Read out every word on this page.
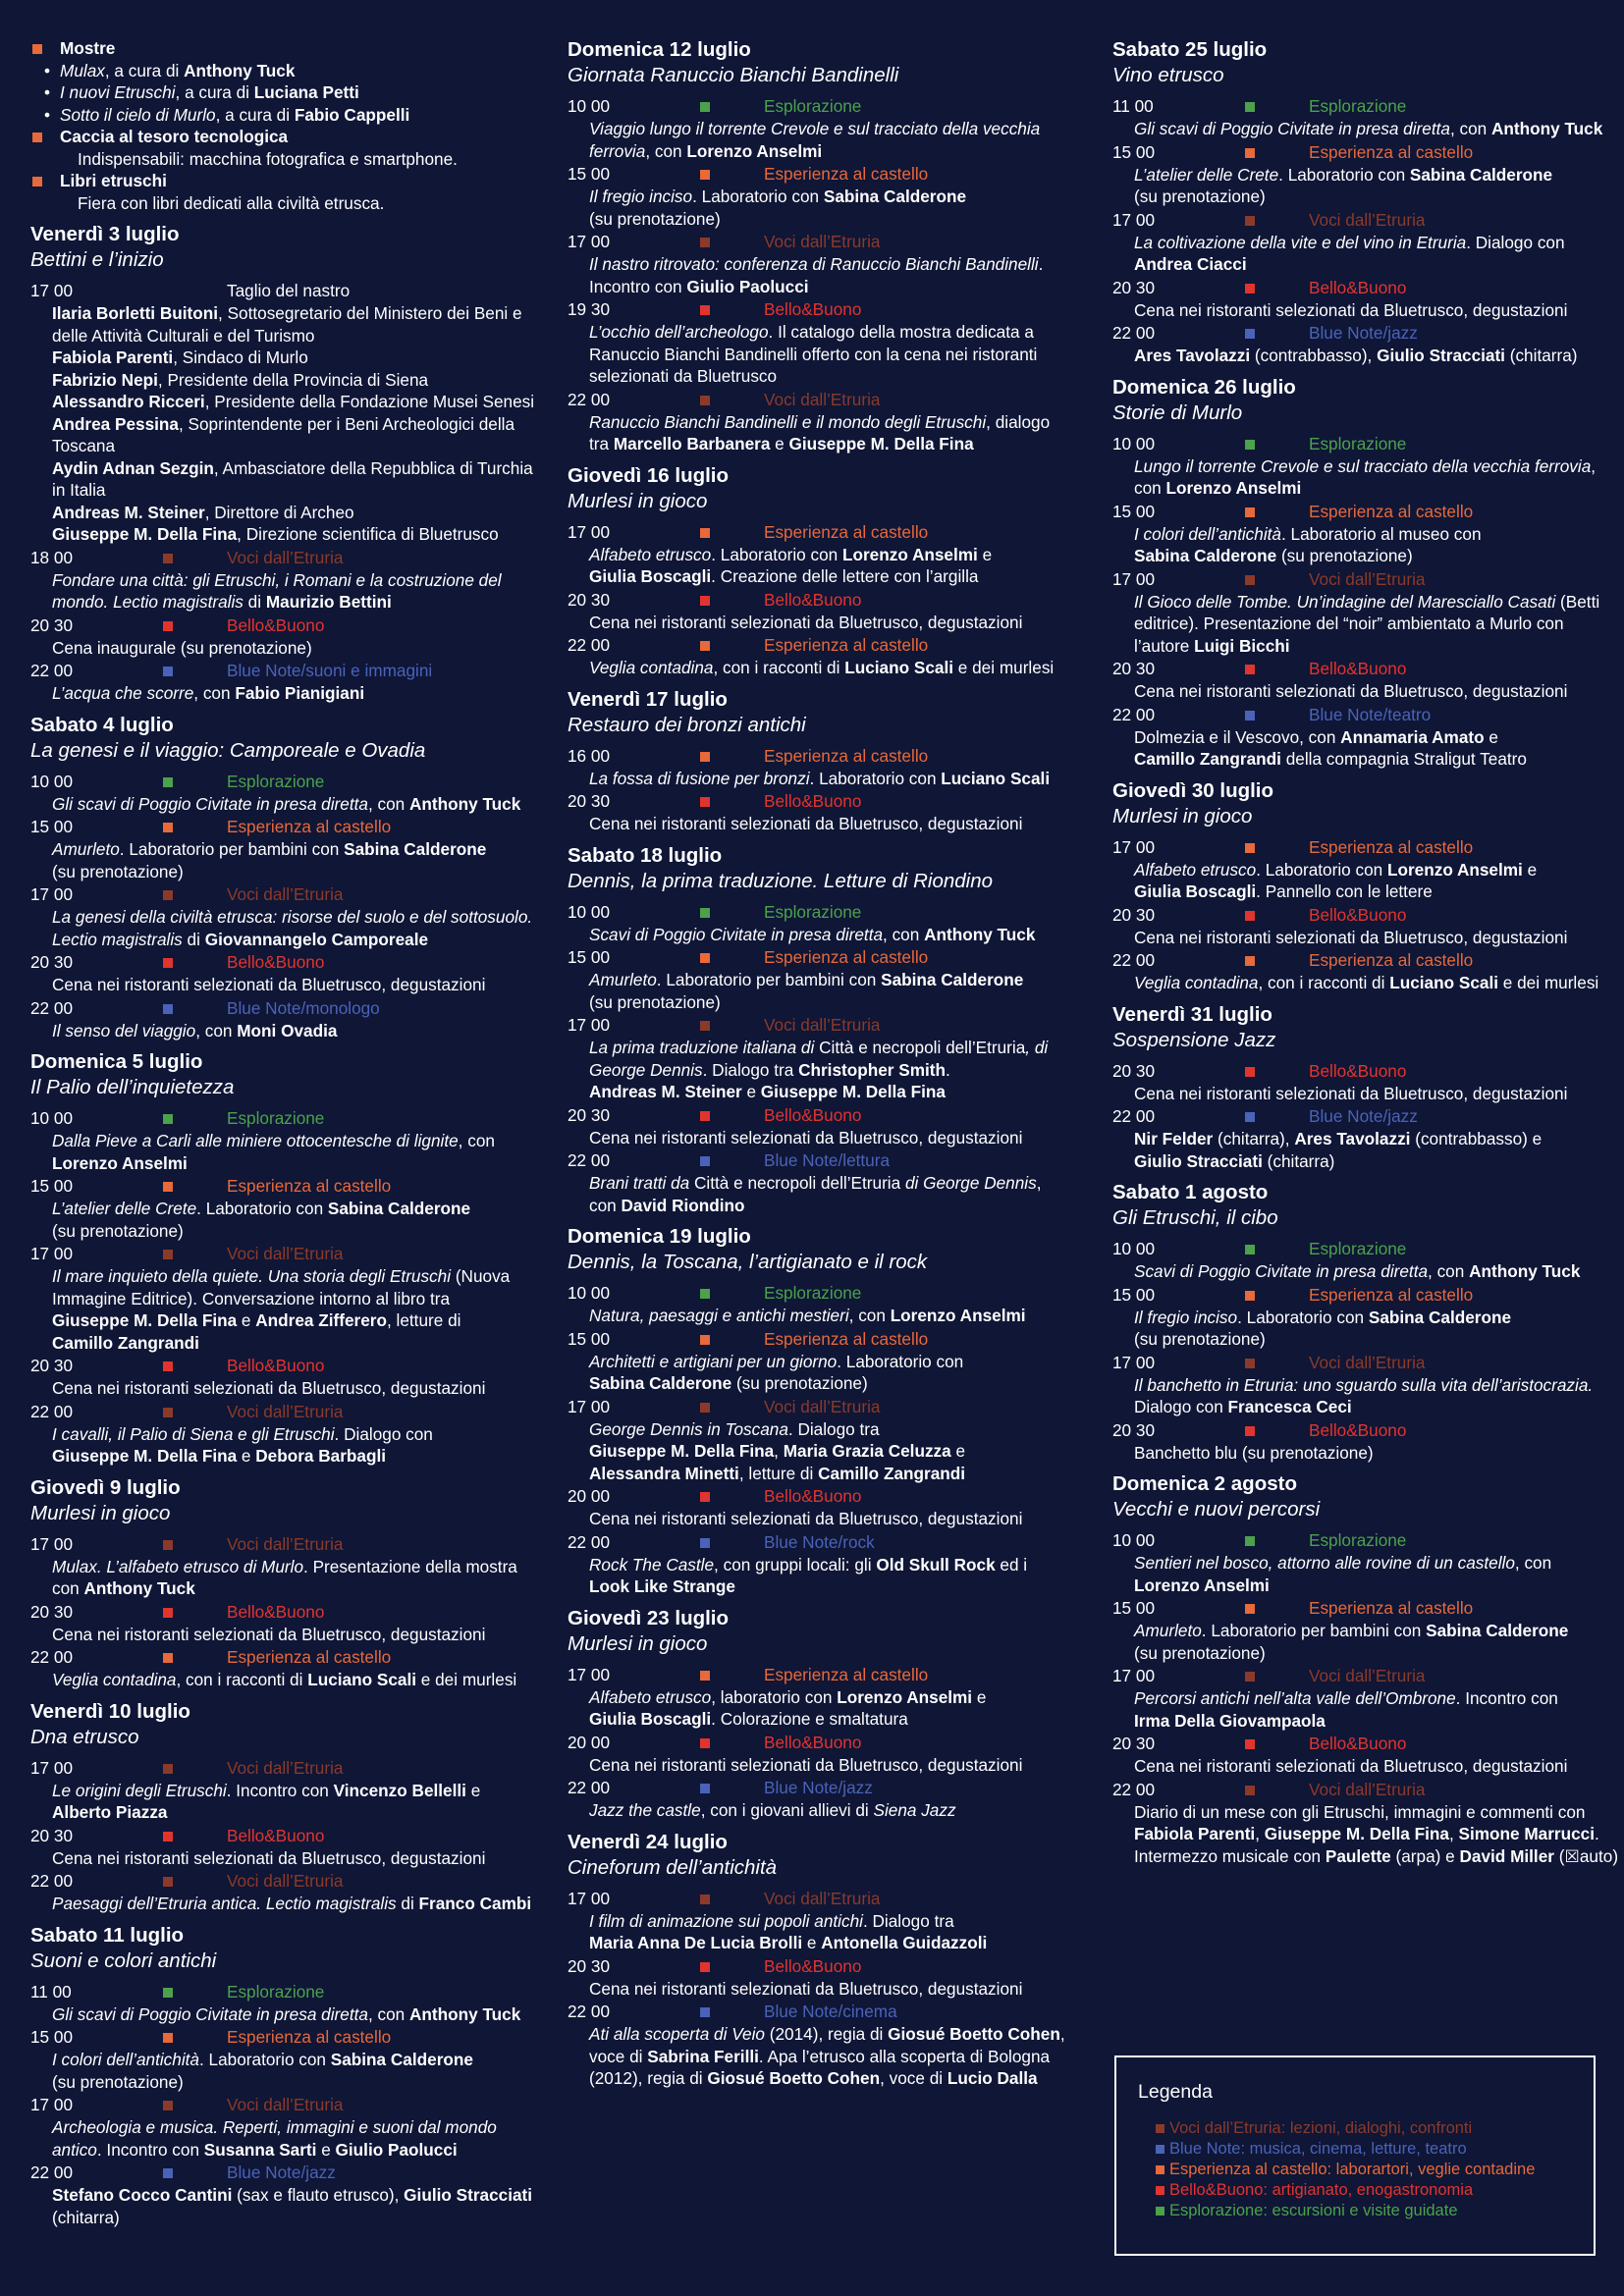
Mostre
• Mulax, a cura di Anthony Tuck
• I nuovi Etruschi, a cura di Luciana Petti
• Sotto il cielo di Murlo, a cura di Fabio Cappelli
Caccia al tesoro tecnologica
Indispensabili: macchina fotografica e smartphone.
Libri etruschi
Fiera con libri dedicati alla civiltà etrusca.
Venerdì 3 luglio
Bettini e l’inizio
17 00	Taglio del nastro
Ilaria Borletti Buitoni, Sottosegretario del Ministero dei Beni e
delle Attività Culturali e del Turismo
Fabiola Parenti, Sindaco di Murlo
Fabrizio Nepi, Presidente della Provincia di Siena
Alessandro Ricceri, Presidente della Fondazione Musei Senesi
Andrea Pessina, Soprintendente per i Beni Archeologici della
Toscana
Aydin Adnan Sezgin, Ambasciatore della Repubblica di Turchia
in Italia
Andreas M. Steiner, Direttore di Archeo
Giuseppe M. Della Fina, Direzione scientifica di Bluetrusco
18 00	Voci dall’Etruria
Fondare una città: gli Etruschi, i Romani e la costruzione del
mondo. Lectio magistralis di Maurizio Bettini
20 30	Bello&Buono
Cena inaugurale (su prenotazione)
22 00	Blue Note/suoni e immagini
L’acqua che scorre, con Fabio Pianigiani
Sabato 4 luglio
La genesi e il viaggio: Camporeale e Ovadia
10 00	Esplorazione
Gli scavi di Poggio Civitate in presa diretta, con Anthony Tuck
15 00	Esperienza al castello
Amurleto. Laboratorio per bambini con Sabina Calderone
(su prenotazione)
17 00	Voci dall’Etruria
La genesi della civiltà etrusca: risorse del suolo e del sottosuolo.
Lectio magistralis di Giovannangelo Camporeale
20 30	Bello&Buono
Cena nei ristoranti selezionati da Bluetrusco, degustazioni
22 00	Blue Note/monologo
Il senso del viaggio, con Moni Ovadia
Domenica 5 luglio
Il Palio dell’inquietezza
10 00	Esplorazione
Dalla Pieve a Carli alle miniere ottocentesche di lignite, con
Lorenzo Anselmi
15 00	Esperienza al castello
L’atelier delle Crete. Laboratorio con Sabina Calderone
(su prenotazione)
17 00	Voci dall’Etruria
Il mare inquieto della quiete. Una storia degli Etruschi (Nuova
Immagine Editrice). Conversazione intorno al libro tra
Giuseppe M. Della Fina e Andrea Zifferero, letture di
Camillo Zangrandi
20 30	Bello&Buono
Cena nei ristoranti selezionati da Bluetrusco, degustazioni
22 00	Voci dall’Etruria
I cavalli, il Palio di Siena e gli Etruschi. Dialogo con
Giuseppe M. Della Fina e Debora Barbagli
Giovedì 9 luglio
Murlesi in gioco
17 00	Voci dall’Etruria
Mulax. L’alfabeto etrusco di Murlo. Presentazione della mostra
con Anthony Tuck
20 30	Bello&Buono
Cena nei ristoranti selezionati da Bluetrusco, degustazioni
22 00	Esperienza al castello
Veglia contadina, con i racconti di Luciano Scali e dei murlesi
Venerdì 10 luglio
Dna etrusco
17 00	Voci dall’Etruria
Le origini degli Etruschi. Incontro con Vincenzo Bellelli e
Alberto Piazza
20 30	Bello&Buono
Cena nei ristoranti selezionati da Bluetrusco, degustazioni
22 00	Voci dall’Etruria
Paesaggi dell’Etruria antica. Lectio magistralis di Franco Cambi
Sabato 11 luglio
Suoni e colori antichi
11 00	Esplorazione
Gli scavi di Poggio Civitate in presa diretta, con Anthony Tuck
15 00	Esperienza al castello
I colori dell’antichità. Laboratorio con Sabina Calderone
(su prenotazione)
17 00	Voci dall’Etruria
Archeologia e musica. Reperti, immagini e suoni dal mondo
antico. Incontro con Susanna Sarti e Giulio Paolucci
22 00	Blue Note/jazz
Stefano Cocco Cantini (sax e flauto etrusco), Giulio Stracciati
(chitarra)
Domenica 12 luglio
Giornata Ranuccio Bianchi Bandinelli
10 00	Esplorazione
Viaggio lungo il torrente Crevole e sul tracciato della vecchia
ferrovia, con Lorenzo Anselmi
15 00	Esperienza al castello
Il fregio inciso. Laboratorio con Sabina Calderone
(su prenotazione)
17 00	Voci dall’Etruria
Il nastro ritrovato: conferenza di Ranuccio Bianchi Bandinelli.
Incontro con Giulio Paolucci
19 30	Bello&Buono
L’occhio dell’archeologo. Il catalogo della mostra dedicata a
Ranuccio Bianchi Bandinelli offerto con la cena nei ristoranti
selezionati da Bluetrusco
22 00	Voci dall’Etruria
Ranuccio Bianchi Bandinelli e il mondo degli Etruschi, dialogo
tra Marcello Barbanera e Giuseppe M. Della Fina
Giovedì 16 luglio
Murlesi in gioco
17 00	Esperienza al castello
Alfabeto etrusco. Laboratorio con Lorenzo Anselmi e
Giulia Boscagli. Creazione delle lettere con l’argilla
20 30	Bello&Buono
Cena nei ristoranti selezionati da Bluetrusco, degustazioni
22 00	Esperienza al castello
Veglia contadina, con i racconti di Luciano Scali e dei murlesi
Venerdì 17 luglio
Restauro dei bronzi antichi
16 00	Esperienza al castello
La fossa di fusione per bronzi. Laboratorio con Luciano Scali
20 30	Bello&Buono
Cena nei ristoranti selezionati da Bluetrusco, degustazioni
Sabato 18 luglio
Dennis, la prima traduzione. Letture di Riondino
10 00	Esplorazione
Scavi di Poggio Civitate in presa diretta, con Anthony Tuck
15 00	Esperienza al castello
Amurleto. Laboratorio per bambini con Sabina Calderone
(su prenotazione)
17 00	Voci dall’Etruria
La prima traduzione italiana di Città e necropoli dell’Etruria, di
George Dennis. Dialogo tra Christopher Smith.
Andreas M. Steiner e Giuseppe M. Della Fina
20 30	Bello&Buono
Cena nei ristoranti selezionati da Bluetrusco, degustazioni
22 00	Blue Note/lettura
Brani tratti da Città e necropoli dell’Etruria di George Dennis,
con David Riondino
Domenica 19 luglio
Dennis, la Toscana, l’artigianato e il rock
10 00	Esplorazione
Natura, paesaggi e antichi mestieri, con Lorenzo Anselmi
15 00	Esperienza al castello
Architetti e artigiani per un giorno. Laboratorio con
Sabina Calderone (su prenotazione)
17 00	Voci dall’Etruria
George Dennis in Toscana. Dialogo tra
Giuseppe M. Della Fina, Maria Grazia Celuzza e
Alessandra Minetti, letture di Camillo Zangrandi
20 00	Bello&Buono
Cena nei ristoranti selezionati da Bluetrusco, degustazioni
22 00	Blue Note/rock
Rock The Castle, con gruppi locali: gli Old Skull Rock ed i
Look Like Strange
Giovedì 23 luglio
Murlesi in gioco
17 00	Esperienza al castello
Alfabeto etrusco, laboratorio con Lorenzo Anselmi e
Giulia Boscagli. Colorazione e smaltatura
20 00	Bello&Buono
Cena nei ristoranti selezionati da Bluetrusco, degustazioni
22 00	Blue Note/jazz
Jazz the castle, con i giovani allievi di Siena Jazz
Venerdì 24 luglio
Cineforum dell’antichità
17 00	Voci dall’Etruria
I film di animazione sui popoli antichi. Dialogo tra
Maria Anna De Lucia Brolli e Antonella Guidazzoli
20 30	Bello&Buono
Cena nei ristoranti selezionati da Bluetrusco, degustazioni
22 00	Blue Note/cinema
Ati alla scoperta di Veio (2014), regia di Giosué Boetto Cohen,
voce di Sabrina Ferilli. Apa l’etrusco alla scoperta di Bologna
(2012), regia di Giosué Boetto Cohen, voce di Lucio Dalla
Sabato 25 luglio
Vino etrusco
11 00	Esplorazione
Gli scavi di Poggio Civitate in presa diretta, con Anthony Tuck
15 00	Esperienza al castello
L’atelier delle Crete. Laboratorio con Sabina Calderone
(su prenotazione)
17 00	Voci dall’Etruria
La coltivazione della vite e del vino in Etruria. Dialogo con
Andrea Ciacci
20 30	Bello&Buono
Cena nei ristoranti selezionati da Bluetrusco, degustazioni
22 00	Blue Note/jazz
Ares Tavolazzi (contrabbasso), Giulio Stracciati (chitarra)
Domenica 26 luglio
Storie di Murlo
10 00	Esplorazione
Lungo il torrente Crevole e sul tracciato della vecchia ferrovia,
con Lorenzo Anselmi
15 00	Esperienza al castello
I colori dell’antichità. Laboratorio al museo con
Sabina Calderone (su prenotazione)
17 00	Voci dall’Etruria
Il Gioco delle Tombe. Un’indagine del Maresciallo Casati (Betti
editrice). Presentazione del “noir” ambientato a Murlo con
l’autore Luigi Bicchi
20 30	Bello&Buono
Cena nei ristoranti selezionati da Bluetrusco, degustazioni
22 00	Blue Note/teatro
Dolmezia e il Vescovo, con Annamaria Amato e
Camillo Zangrandi della compagnia Straligut Teatro
Giovedì 30 luglio
Murlesi in gioco
17 00	Esperienza al castello
Alfabeto etrusco. Laboratorio con Lorenzo Anselmi e
Giulia Boscagli. Pannello con le lettere
20 30	Bello&Buono
Cena nei ristoranti selezionati da Bluetrusco, degustazioni
22 00	Esperienza al castello
Veglia contadina, con i racconti di Luciano Scali e dei murlesi
Venerdì 31 luglio
Sospensione Jazz
20 30	Bello&Buono
Cena nei ristoranti selezionati da Bluetrusco, degustazioni
22 00	Blue Note/jazz
Nir Felder (chitarra), Ares Tavolazzi (contrabbasso) e
Giulio Stracciati (chitarra)
Sabato 1 agosto
Gli Etruschi, il cibo
10 00	Esplorazione
Scavi di Poggio Civitate in presa diretta, con Anthony Tuck
15 00	Esperienza al castello
Il fregio inciso. Laboratorio con Sabina Calderone
(su prenotazione)
17 00	Voci dall’Etruria
Il banchetto in Etruria: uno sguardo sulla vita dell’aristocrazia.
Dialogo con Francesca Ceci
20 30	Bello&Buono
Banchetto blu (su prenotazione)
Domenica 2 agosto
Vecchi e nuovi percorsi
10 00	Esplorazione
Sentieri nel bosco, attorno alle rovine di un castello, con
Lorenzo Anselmi
15 00	Esperienza al castello
Amurleto. Laboratorio per bambini con Sabina Calderone
(su prenotazione)
17 00	Voci dall’Etruria
Percorsi antichi nell’alta valle dell’Ombrone. Incontro con
Irma Della Giovampaola
20 30	Bello&Buono
Cena nei ristoranti selezionati da Bluetrusco, degustazioni
22 00	Voci dall’Etruria
Diario di un mese con gli Etruschi, immagini e commenti con
Fabiola Parenti, Giuseppe M. Della Fina, Simone Marrucci.
Intermezzo musicale con Paulette (arpa) e David Miller (☒auto)
Legenda
Voci dall’Etruria: lezioni, dialoghi, confronti
Blue Note: musica, cinema, letture, teatro
Esperienza al castello: laborartori, veglie contadine
Bello&Buono: artigianato, enogastronomia
Esplorazione: escursioni e visite guidate
